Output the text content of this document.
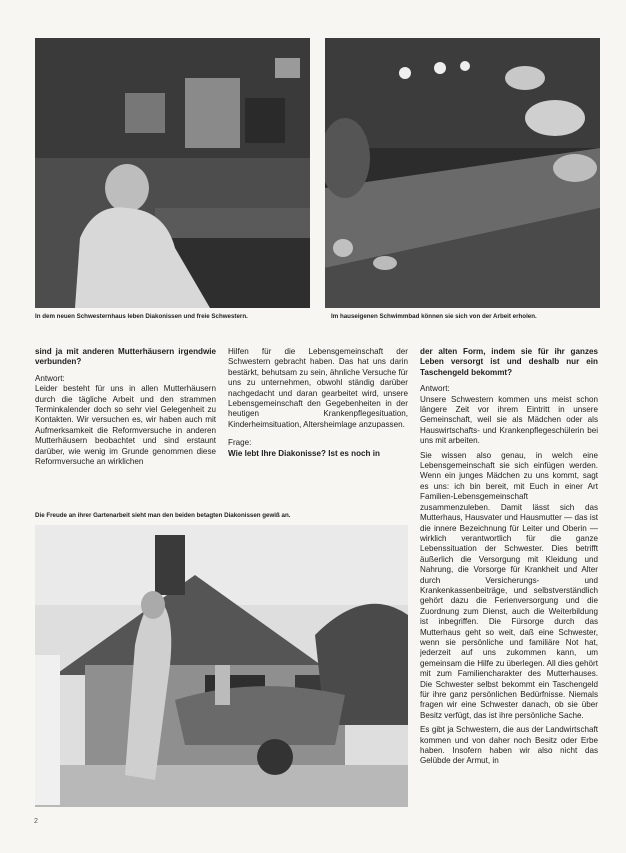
In dem neuen Schwesternhaus leben Diakonissen und freie Schwestern.	Im hauseigenen Schwimmbad können sie sich von der Arbeit erholen.

sind ja mit anderen Mutterhäusern irgendwie verbunden?

Antwort:

Leider besteht für uns in allen Mutterhäusern durch die tägliche Arbeit und den strammen Terminkalender doch so sehr viel Gelegenheit zu Kontakten. Wir versuchen es, wir haben auch mit Aufmerksamkeit die Reformversuche in anderen Mutterhäusern beobachtet und sind erstaunt darüber, wie wenig im Grunde genommen diese Reformversuche an wirklichen

Hilfen für die Lebensgemeinschaft der Schwestern gebracht haben. Das hat uns darin bestärkt, behutsam zu sein, ähnliche Versuche für uns zu unternehmen, obwohl ständig darüber nachgedacht und daran gearbeitet wird, unsere Lebensgemeinschaft den Gegebenheiten in der heutigen Krankenpflegesituation, Kinderheimsituation, Altersheimlage anzupassen.

Frage:

Wie lebt Ihre Diakonisse? Ist es noch in

Die Freude an ihrer Gartenarbeit sieht man den beiden betagten Diakonissen gewiß an.

der alten Form, indem sie für ihr ganzes Leben versorgt ist und deshalb nur ein Taschengeld bekommt?

Antwort:

Unsere Schwestern kommen uns meist schon längere Zeit vor ihrem Eintritt in unsere Gemeinschaft, weil sie als Mädchen oder als Hauswirtschafts- und Krankenpflegeschülerin bei uns mit arbeiten.

Sie wissen also genau, in welch eine Lebensgemeinschaft sie sich einfügen werden. Wenn ein junges Mädchen zu uns kommt, sagt es uns: ich bin bereit, mit Euch in einer Art Familien-Lebensgemeinschaft zusammenzuleben. Damit lässt sich das Mutterhaus, Hausvater und Hausmutter — das ist die innere Bezeichnung für Leiter und Oberin — wirklich verantwortlich für die ganze Lebenssituation der Schwester. Dies betrifft äußerlich die Versorgung mit Kleidung und Nahrung, die Vorsorge für Krankheit und Alter durch Versicherungs- und Krankenkassenbeiträge, und selbstverständlich gehört dazu die Ferienversorgung und die Zuordnung zum Dienst, auch die Weiterbildung ist inbegriffen. Die Fürsorge durch das Mutterhaus geht so weit, daß eine Schwester, wenn sie persönliche und familiäre Not hat, jederzeit auf uns zukommen kann, um gemeinsam die Hilfe zu überlegen. All dies gehört mit zum Familiencharakter des Mutterhauses. Die Schwester selbst bekommt ein Taschengeld für ihre ganz persönlichen Bedürfnisse. Niemals fragen wir eine Schwester danach, ob sie über Besitz verfügt, das ist ihre persönliche Sache.

Es gibt ja Schwestern, die aus der Landwirtschaft kommen und von daher noch Besitz oder Erbe haben. Insofern haben wir also nicht das Gelübde der Armut, in

2
